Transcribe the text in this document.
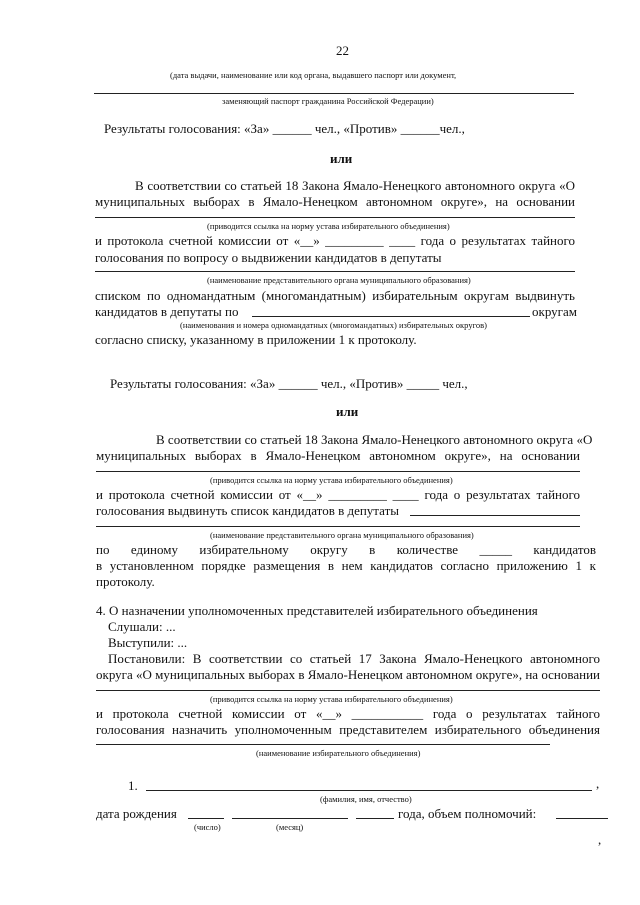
22
(дата выдачи, наименование или код органа, выдавшего паспорт или документ,
заменяющий паспорт гражданина Российской Федерации)
Результаты голосования: «За» ______ чел., «Против» ______чел.,
или
В соответствии со статьей 18 Закона Ямало-Ненецкого автономного округа «О
муниципальных выборах в Ямало-Ненецком автономном округе», на основании
(приводится ссылка на норму устава избирательного объединения)
и протокола счетной комиссии от «__» _________ ____ года о результатах тайного
голосования по вопросу о выдвижении кандидатов в депутаты
(наименование представительного органа муниципального образования)
списком по одномандатным (многомандатным) избирательным округам выдвинуть
кандидатов в депутаты по	округам
(наименования и номера одномандатных (многомандатных) избирательных округов)
согласно списку, указанному в приложении 1 к протоколу.
Результаты голосования: «За» ______ чел., «Против» _____ чел.,
или
В соответствии со статьей 18 Закона Ямало-Ненецкого автономного округа «О
муниципальных выборах в Ямало-Ненецком автономном округе», на основании
(приводится ссылка на норму устава избирательного объединения)
и протокола счетной комиссии от «__» _________ ____ года о результатах тайного
голосования выдвинуть список кандидатов в депутаты
(наименование представительного органа муниципального образования)
по единому избирательному округу в количестве _____ кандидатов
в установленном порядке размещения в нем кандидатов согласно приложению 1 к
протоколу.
4. О назначении уполномоченных представителей избирательного объединения
Слушали: ...
Выступили: ...
Постановили: В соответствии со статьей 17 Закона Ямало-Ненецкого автономного
округа «О муниципальных выборах в Ямало-Ненецком автономном округе», на основании
(приводится ссылка на норму устава избирательного объединения)
и протокола счетной комиссии от «__» ___________ года о результатах тайного
голосования назначить уполномоченным представителем избирательного объединения
(наименование избирательного объединения)
1.	,
(фамилия, имя, отчество)
дата рождения	года, объем полномочий:
(число)	(месяц)
,
